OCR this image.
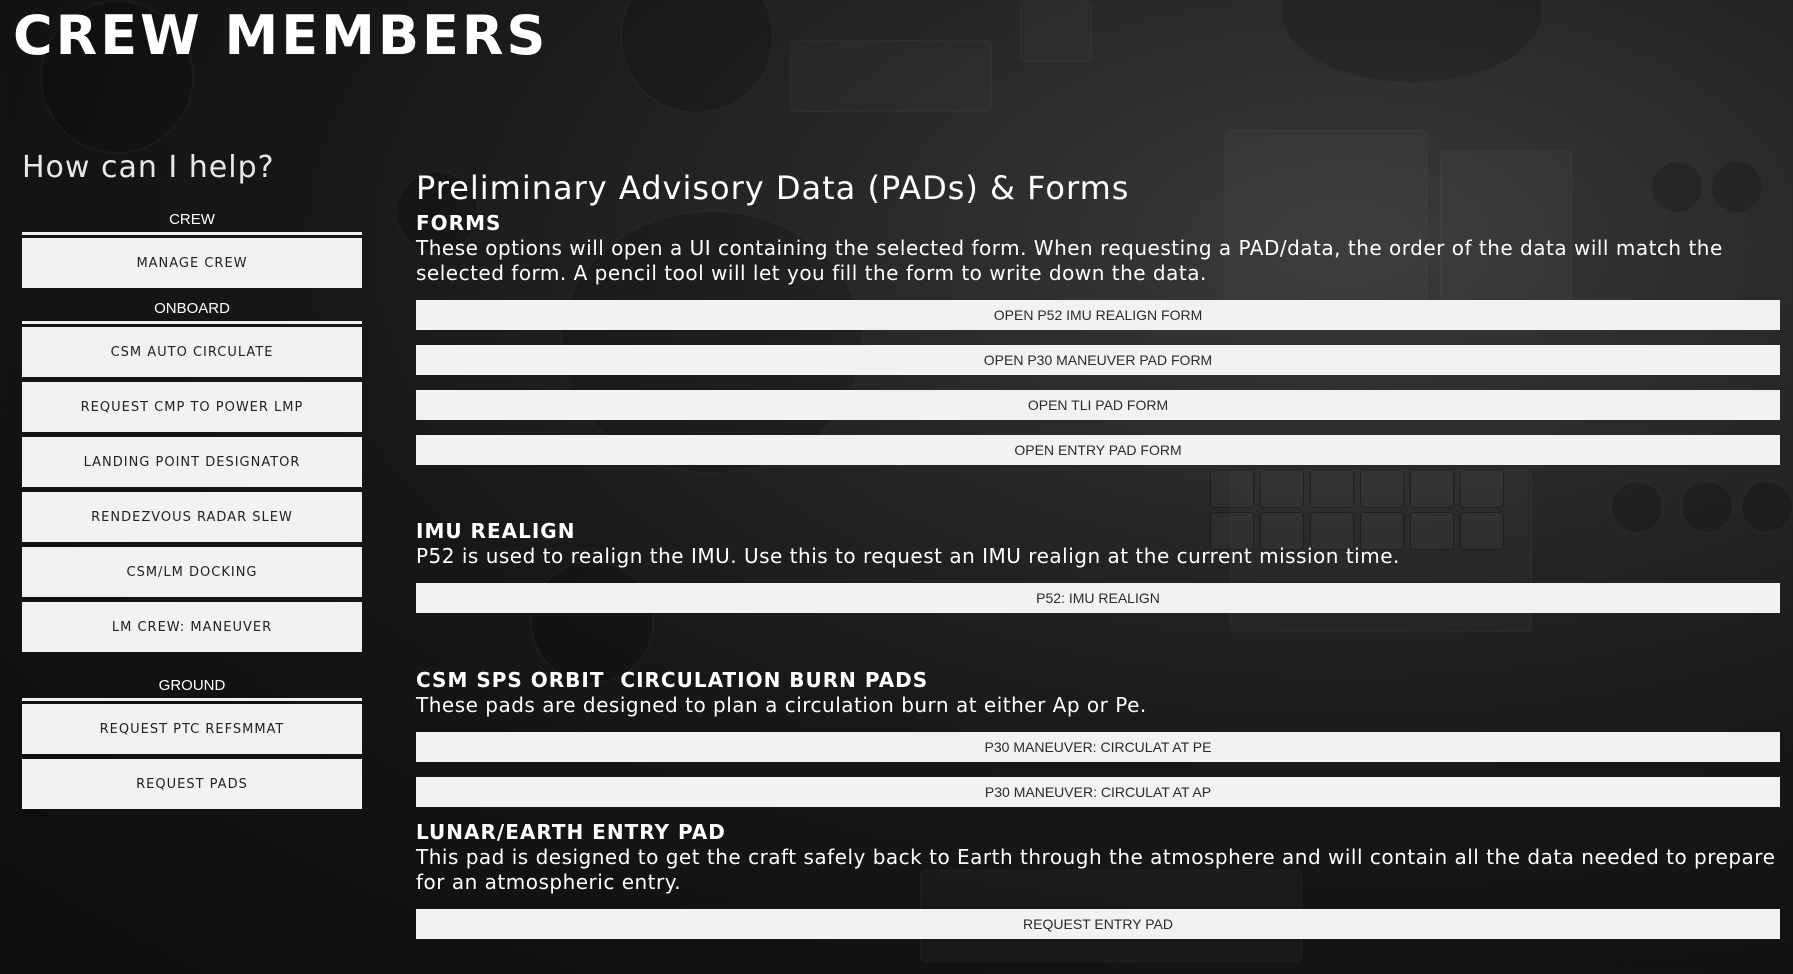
CREW MEMBERS
How can I help?
CREW
MANAGE CREW
ONBOARD
CSM AUTO CIRCULATE
REQUEST CMP TO POWER LMP
LANDING POINT DESIGNATOR
RENDEZVOUS RADAR SLEW
CSM/LM DOCKING
LM CREW: MANEUVER
GROUND
REQUEST PTC REFSMMAT
REQUEST PADS
Preliminary Advisory Data (PADs) & Forms
FORMS
These options will open a UI containing the selected form. When requesting a PAD/data, the order of the data will match the selected form. A pencil tool will let you fill the form to write down the data.
OPEN P52 IMU REALIGN FORM
OPEN P30 MANEUVER PAD FORM
OPEN TLI PAD FORM
OPEN ENTRY PAD FORM
IMU REALIGN
P52 is used to realign the IMU. Use this to request an IMU realign at the current mission time.
P52: IMU REALIGN
CSM SPS ORBIT  CIRCULATION BURN PADS
These pads are designed to plan a circulation burn at either Ap or Pe.
P30 MANEUVER: CIRCULAT AT PE
P30 MANEUVER: CIRCULAT AT AP
LUNAR/EARTH ENTRY PAD
This pad is designed to get the craft safely back to Earth through the atmosphere and will contain all the data needed to prepare for an atmospheric entry.
REQUEST ENTRY PAD
